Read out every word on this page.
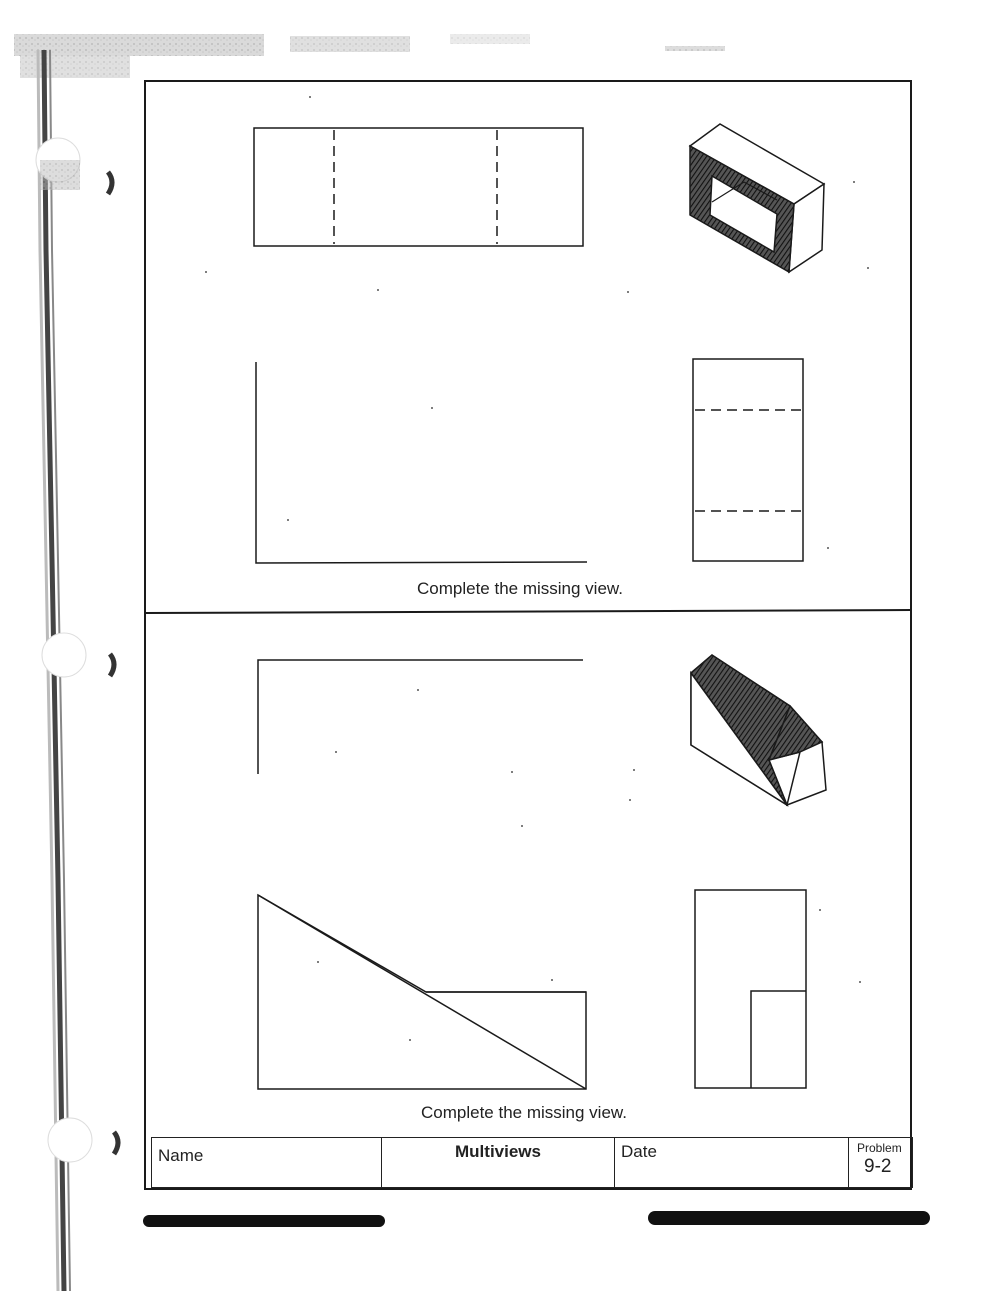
Complete the missing view.
Complete the missing view.
Name	Multiviews	Date	Problem
9-2
